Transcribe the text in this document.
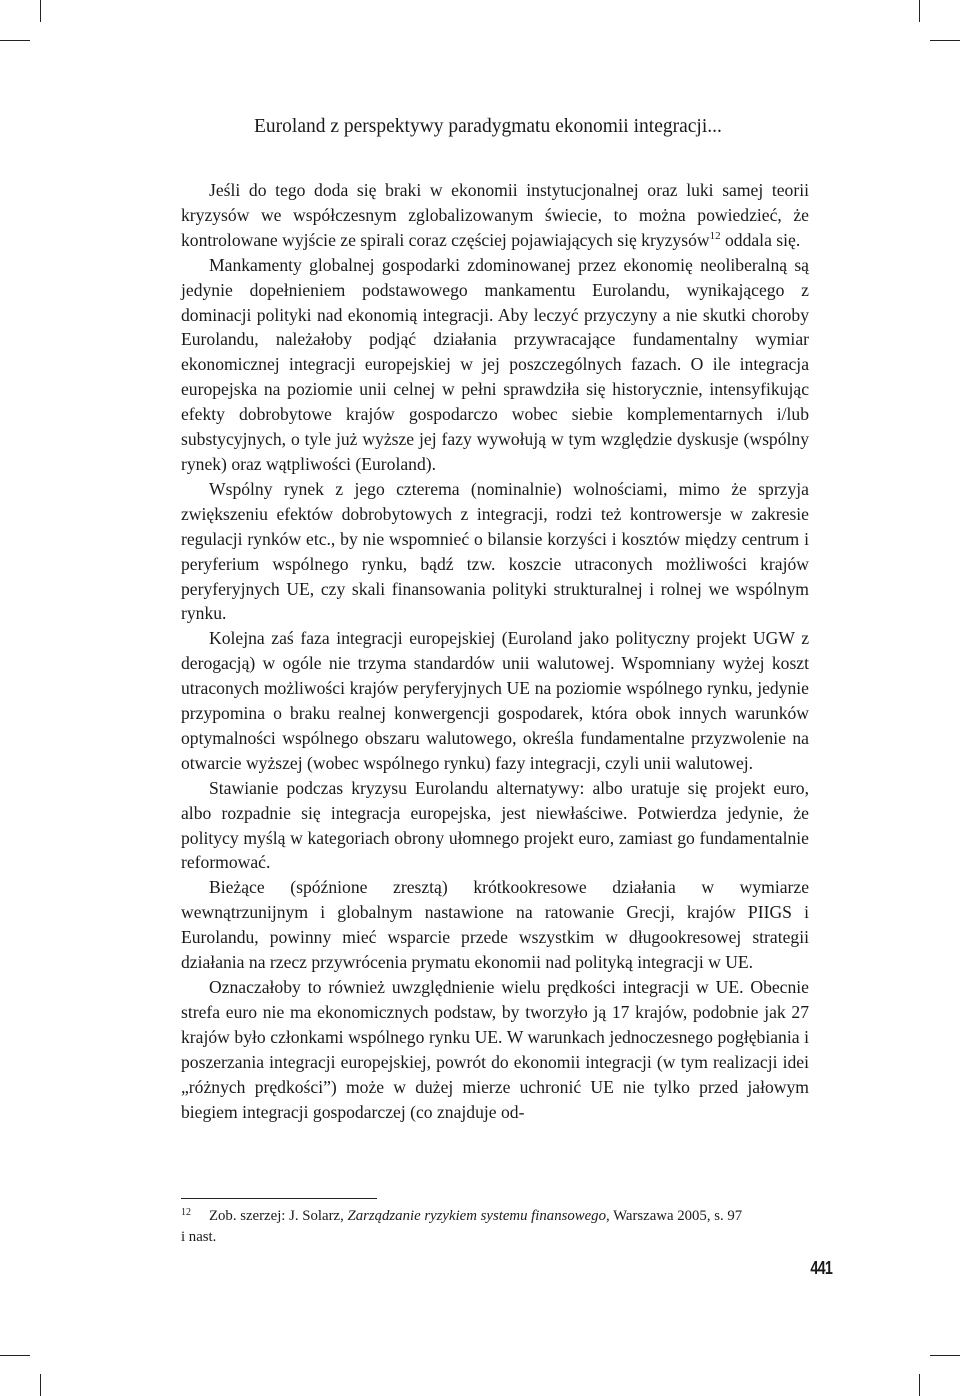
Euroland z perspektywy paradygmatu ekonomii integracji...

Jeśli do tego doda się braki w ekonomii instytucjonalnej oraz luki samej teorii kryzysów we współczesnym zglobalizowanym świecie, to można powiedzieć, że kontrolowane wyjście ze spirali coraz częściej pojawiających się kryzysów$^{12}$ oddala się.

Mankamenty globalnej gospodarki zdominowanej przez ekonomię neoliberalną są jedynie dopełnieniem podstawowego mankamentu Eurolandu, wynikającego z dominacji polityki nad ekonomią integracji. Aby leczyć przyczyny a nie skutki choroby Eurolandu, należałoby podjąć działania przywracające fundamentalny wymiar ekonomicznej integracji europejskiej w jej poszczególnych fazach. O ile integracja europejska na poziomie unii celnej w pełni sprawdziła się historycznie, intensyfikując efekty dobrobytowe krajów gospodarczo wobec siebie komplementarnych i/lub substycyjnych, o tyle już wyższe jej fazy wywołują w tym względzie dyskusje (wspólny rynek) oraz wątpliwości (Euroland).

Wspólny rynek z jego czterema (nominalnie) wolnościami, mimo że sprzyja zwiększeniu efektów dobrobytowych z integracji, rodzi też kontrowersje w zakresie regulacji rynków etc., by nie wspomnieć o bilansie korzyści i kosztów między centrum i peryferium wspólnego rynku, bądź tzw. koszcie utraconych możliwości krajów peryferyjnych UE, czy skali finansowania polityki strukturalnej i rolnej we wspólnym rynku.

Kolejna zaś faza integracji europejskiej (Euroland jako polityczny projekt UGW z derogacją) w ogóle nie trzyma standardów unii walutowej. Wspomniany wyżej koszt utraconych możliwości krajów peryferyjnych UE na poziomie wspólnego rynku, jedynie przypomina o braku realnej konwergencji gospodarek, która obok innych warunków optymalności wspólnego obszaru walutowego, określa fundamentalne przyzwolenie na otwarcie wyższej (wobec wspólnego rynku) fazy integracji, czyli unii walutowej.

Stawianie podczas kryzysu Eurolandu alternatywy: albo uratuje się projekt euro, albo rozpadnie się integracja europejska, jest niewłaściwe. Potwierdza jedynie, że politycy myślą w kategoriach obrony ułomnego projekt euro, zamiast go fundamentalnie reformować.

Bieżące (spóźnione zresztą) krótkookresowe działania w wymiarze wewnątrzunijnym i globalnym nastawione na ratowanie Grecji, krajów PIIGS i Eurolandu, powinny mieć wsparcie przede wszystkim w długookresowej strategii działania na rzecz przywrócenia prymatu ekonomii nad polityką integracji w UE.

Oznaczałoby to również uwzględnienie wielu prędkości integracji w UE. Obecnie strefa euro nie ma ekonomicznych podstaw, by tworzyło ją 17 krajów, podobnie jak 27 krajów było członkami wspólnego rynku UE. W warunkach jednoczesnego pogłębiania i poszerzania integracji europejskiej, powrót do ekonomii integracji (w tym realizacji idei „różnych prędkości”) może w dużej mierze uchronić UE nie tylko przed jałowym biegiem integracji gospodarczej (co znajduje od-

12 Zob. szerzej: J. Solarz, Zarządzanie ryzykiem systemu finansowego, Warszawa 2005, s. 97
i nast.
441
